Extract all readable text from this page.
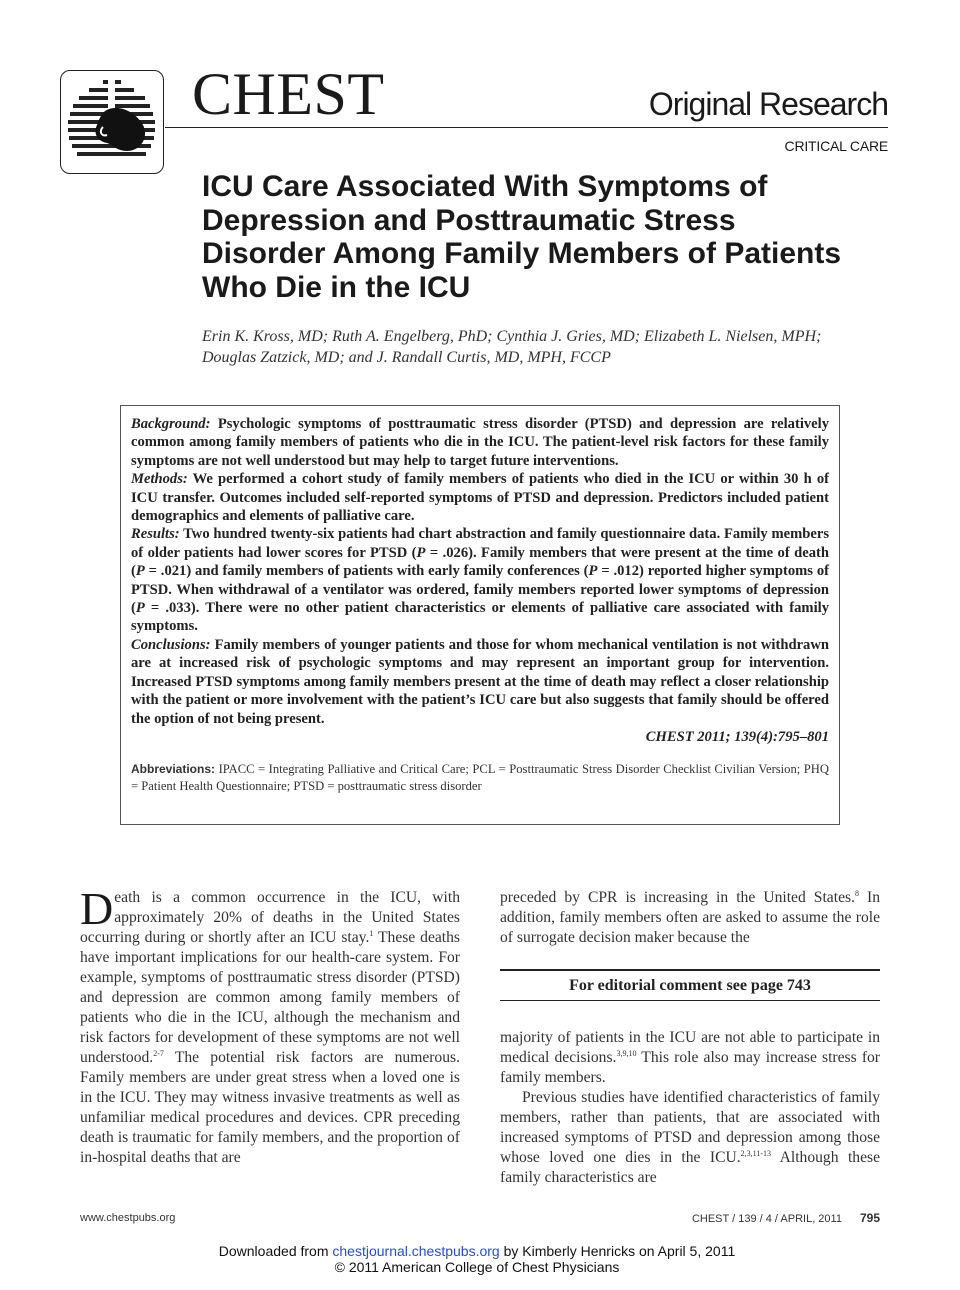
CHEST	Original Research
CRITICAL CARE
ICU Care Associated With Symptoms of Depression and Posttraumatic Stress Disorder Among Family Members of Patients Who Die in the ICU
Erin K. Kross, MD; Ruth A. Engelberg, PhD; Cynthia J. Gries, MD; Elizabeth L. Nielsen, MPH;
Douglas Zatzick, MD; and J. Randall Curtis, MD, MPH, FCCP

Background: Psychologic symptoms of posttraumatic stress disorder (PTSD) and depression are relatively common among family members of patients who die in the ICU. The patient-level risk factors for these family symptoms are not well understood but may help to target future interventions.

Methods: We performed a cohort study of family members of patients who died in the ICU or within 30 h of ICU transfer. Outcomes included self-reported symptoms of PTSD and depression. Predictors included patient demographics and elements of palliative care.

Results: Two hundred twenty-six patients had chart abstraction and family questionnaire data. Family members of older patients had lower scores for PTSD (P = .026). Family members that were present at the time of death (P = .021) and family members of patients with early family conferences (P = .012) reported higher symptoms of PTSD. When withdrawal of a ventilator was ordered, family members reported lower symptoms of depression (P = .033). There were no other patient characteristics or elements of palliative care associated with family symptoms.

Conclusions: Family members of younger patients and those for whom mechanical ventilation is not withdrawn are at increased risk of psychologic symptoms and may represent an important group for intervention. Increased PTSD symptoms among family members present at the time of death may reflect a closer relationship with the patient or more involvement with the patient’s ICU care but also suggests that family should be offered the option of not being present.

CHEST 2011; 139(4):795–801

Abbreviations: IPACC = Integrating Palliative and Critical Care; PCL = Posttraumatic Stress Disorder Checklist Civilian Version; PHQ = Patient Health Questionnaire; PTSD = posttraumatic stress disorder

Death is a common occurrence in the ICU, with approximately 20% of deaths in the United States occurring during or shortly after an ICU stay.$^1$ These deaths have important implications for our health-care system. For example, symptoms of posttraumatic stress disorder (PTSD) and depression are common among family members of patients who die in the ICU, although the mechanism and risk factors for development of these symptoms are not well understood.$^{2-7}$ The potential risk factors are numerous. Family members are under great stress when a loved one is in the ICU. They may witness invasive treatments as well as unfamiliar medical procedures and devices. CPR preceding death is traumatic for family members, and the proportion of in-hospital deaths that are

preceded by CPR is increasing in the United States.$^8$ In addition, family members often are asked to assume the role of surrogate decision maker because the

For editorial comment see page 743

majority of patients in the ICU are not able to participate in medical decisions.$^{3,9,10}$ This role also may increase stress for family members.

Previous studies have identified characteristics of family members, rather than patients, that are associated with increased symptoms of PTSD and depression among those whose loved one dies in the ICU.$^{2,3,11-13}$ Although these family characteristics are

www.chestpubs.org	CHEST / 139 / 4 / APRIL, 2011 795
Downloaded from chestjournal.chestpubs.org by Kimberly Henricks on April 5, 2011
© 2011 American College of Chest Physicians
